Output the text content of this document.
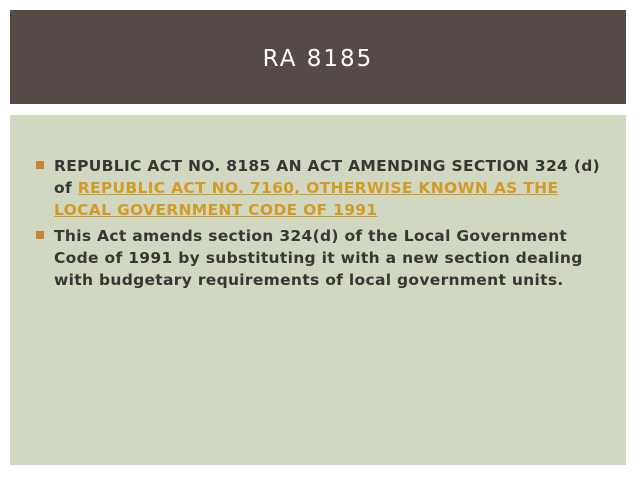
RA 8185
REPUBLIC ACT NO. 8185 AN ACT AMENDING SECTION 324 (d) of REPUBLIC ACT NO. 7160, OTHERWISE KNOWN AS THE LOCAL GOVERNMENT CODE OF 1991
This Act amends section 324(d) of the Local Government Code of 1991 by substituting it with a new section dealing with budgetary requirements of local government units.
